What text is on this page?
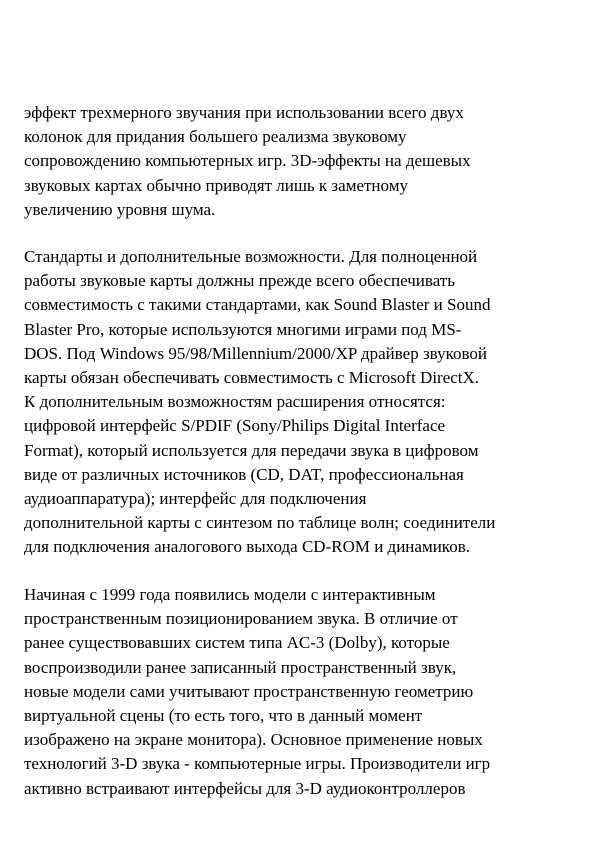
эффект трехмерного звучания при использовании всего двух
колонок для придания большего реализма звуковому
сопровождению компьютерных игр. 3D-эффекты на дешевых
звуковых картах обычно приводят лишь к заметному
увеличению уровня шума.
Стандарты и дополнительные возможности. Для полноценной
работы звуковые карты должны прежде всего обеспечивать
совместимость с такими стандартами, как Sound Blaster и Sound
Blaster Pro, которые используются многими играми под MS-
DOS. Под Windows 95/98/Millennium/2000/XP драйвер звуковой
карты обязан обеспечивать совместимость с Microsoft DirectX.
К дополнительным возможностям расширения относятся:
цифровой интерфейс S/PDIF (Sony/Philips Digital Interface
Format), который используется для передачи звука в цифровом
виде от различных источников (CD, DAT, профессиональная
аудиоаппаратура); интерфейс для подключения
дополнительной карты с синтезом по таблице волн; соединители
для подключения аналогового выхода CD-ROM и динамиков.
Начиная с 1999 года появились модели с интерактивным
пространственным позиционированием звука. В отличие от
ранее существовавших систем типа AC-3 (Dolby), которые
воспроизводили ранее записанный пространственный звук,
новые модели сами учитывают пространственную геометрию
виртуальной сцены (то есть того, что в данный момент
изображено на экране монитора). Основное применение новых
технологий 3-D звука - компьютерные игры. Производители игр
активно встраивают интерфейсы для 3-D аудиоконтроллеров
